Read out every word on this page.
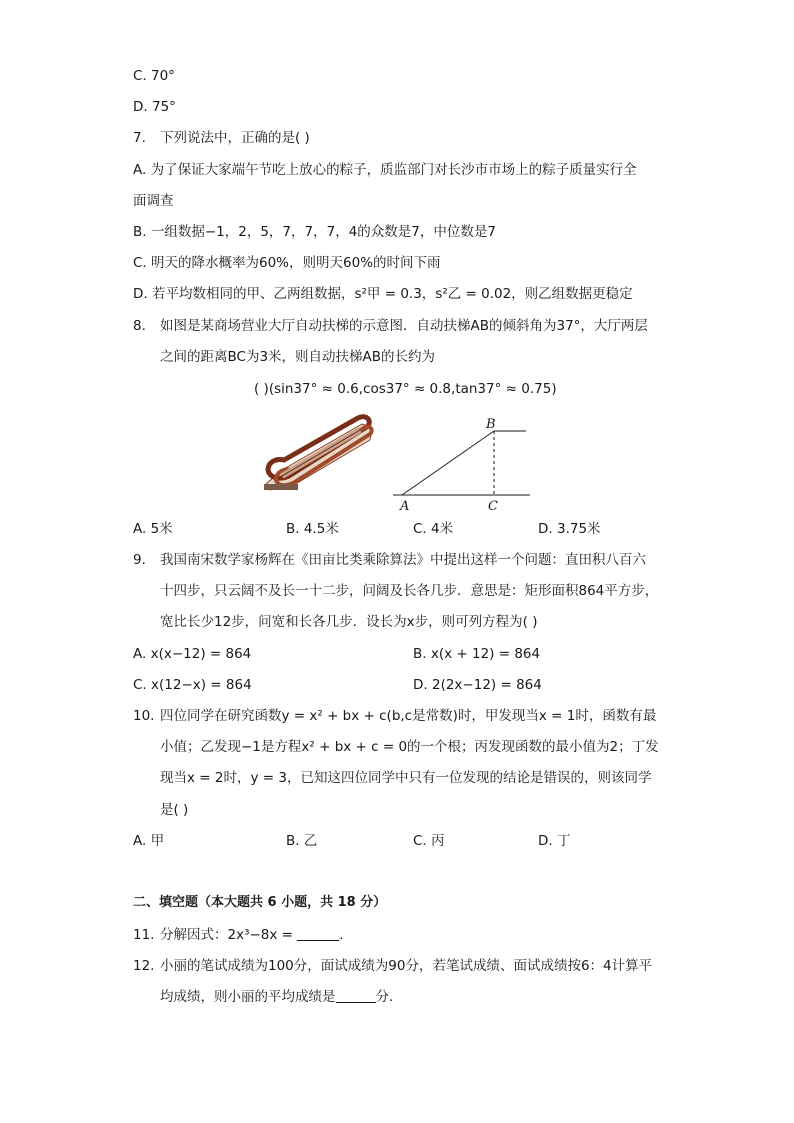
C. 70°
D. 75°
7. 下列说法中，正确的是( )
A. 为了保证大家端午节吃上放心的粽子，质监部门对长沙市市场上的粽子质量实行全
面调查
B. 一组数据−1，2，5，7，7，7，4的众数是7，中位数是7
C. 明天的降水概率为60%，则明天60%的时间下雨
D. 若平均数相同的甲、乙两组数据，s²甲 = 0.3，s²乙 = 0.02，则乙组数据更稳定
8. 如图是某商场营业大厅自动扶梯的示意图．自动扶梯AB的倾斜角为37°，大厅两层
之间的距离BC为3米，则自动扶梯AB的长约为
( )(sin37° ≈ 0.6,cos37° ≈ 0.8,tan37° ≈ 0.75)
A
B
C
A. 5米	B. 4.5米	C. 4米	D. 3.75米
9. 我国南宋数学家杨辉在《田亩比类乘除算法》中提出这样一个问题：直田积八百六
十四步，只云阔不及长一十二步，问阔及长各几步．意思是：矩形面积864平方步，
宽比长少12步，问宽和长各几步．设长为x步，则可列方程为( )
A. x(x−12) = 864	B. x(x + 12) = 864
C. x(12−x) = 864	D. 2(2x−12) = 864
10. 四位同学在研究函数y = x² + bx + c(b,c是常数)时，甲发现当x = 1时，函数有最
小值；乙发现−1是方程x² + bx + c = 0的一个根；丙发现函数的最小值为2；丁发
现当x = 2时，y = 3，已知这四位同学中只有一位发现的结论是错误的，则该同学
是( )
A. 甲	B. 乙	C. 丙	D. 丁
二、填空题（本大题共 6 小题，共 18 分）
11. 分解因式：2x³−8x =	.
12. 小丽的笔试成绩为100分，面试成绩为90分，若笔试成绩、面试成绩按6：4计算平
均成绩，则小丽的平均成绩是	分．
